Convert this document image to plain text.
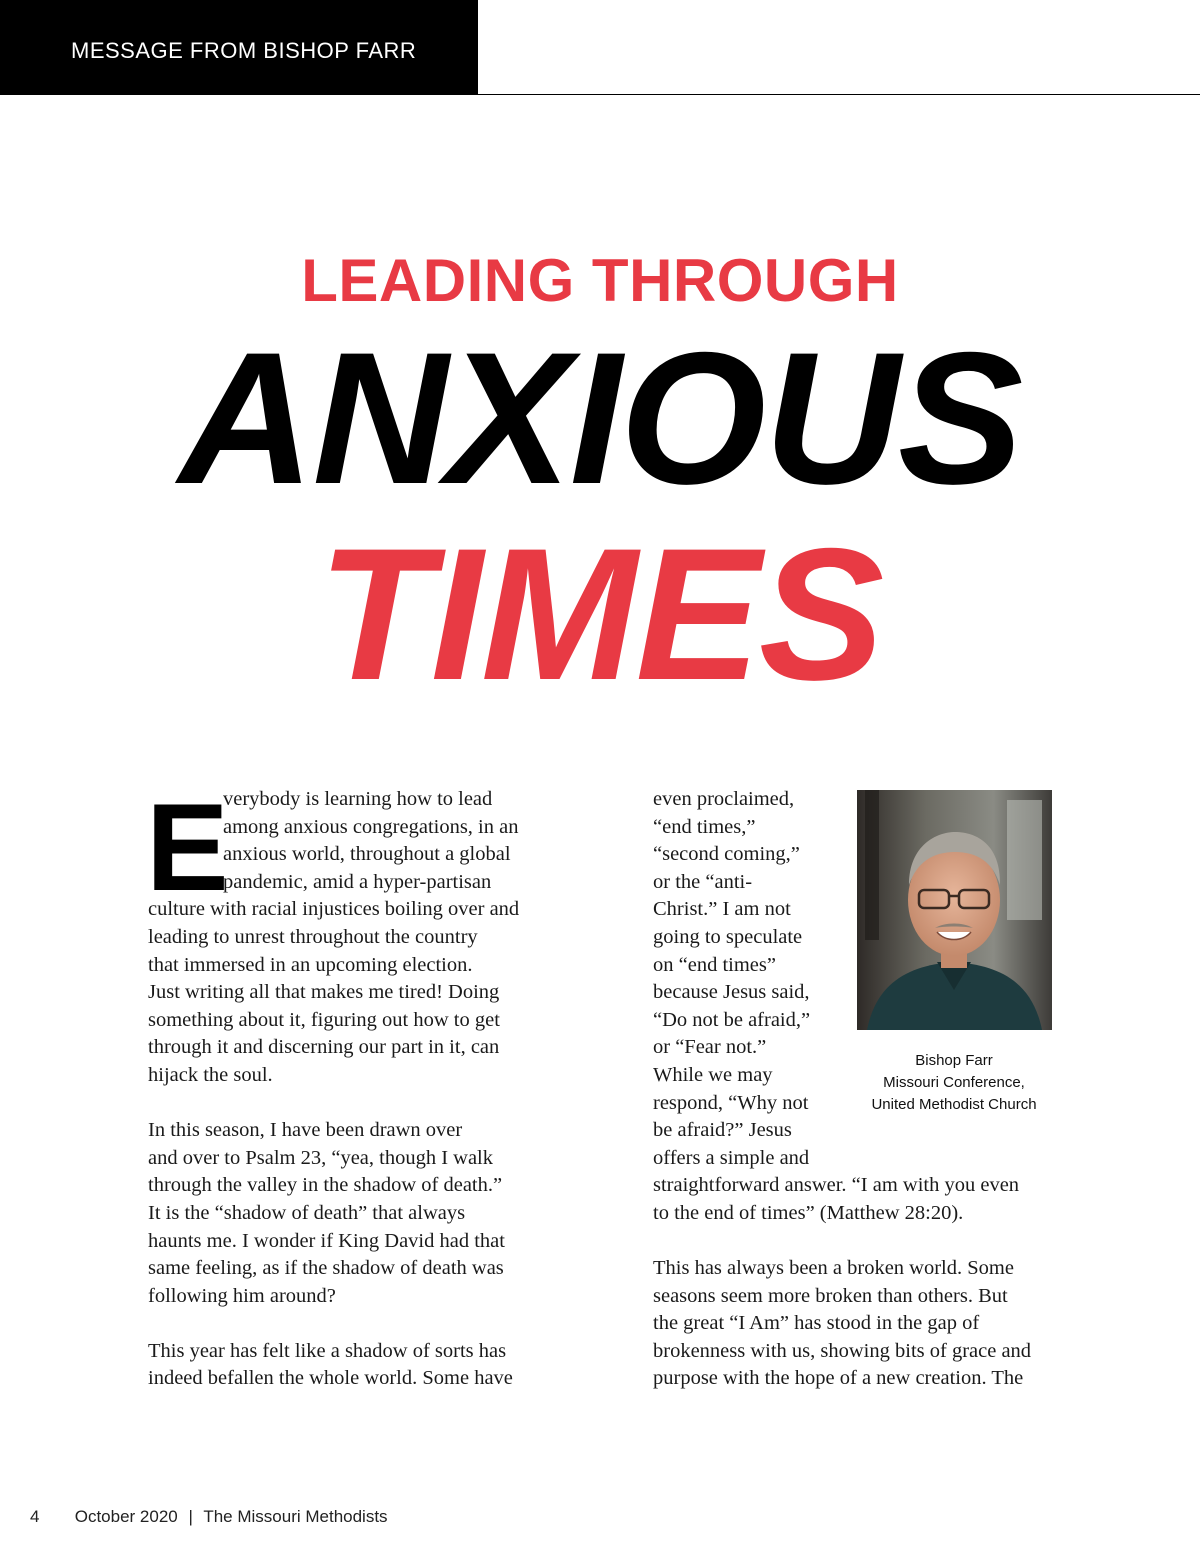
MESSAGE FROM BISHOP FARR
LEADING THROUGH
ANXIOUS
TIMES
E
verybody is learning how to lead
among anxious congregations, in an
anxious world, throughout a global
pandemic, amid a hyper-partisan
culture with racial injustices boiling over and
leading to unrest throughout the country
that immersed in an upcoming election.
Just writing all that makes me tired! Doing
something about it, figuring out how to get
through it and discerning our part in it, can
hijack the soul.
In this season, I have been drawn over
and over to Psalm 23, “yea, though I walk
through the valley in the shadow of death.”
It is the “shadow of death” that always
haunts me. I wonder if King David had that
same feeling, as if the shadow of death was
following him around?
This year has felt like a shadow of sorts has
indeed befallen the whole world. Some have
even proclaimed,
“end times,”
“second coming,”
or the “anti-
Christ.” I am not
going to speculate
on “end times”
because Jesus said,
“Do not be afraid,”
or “Fear not.”
While we may
respond, “Why not
be afraid?” Jesus
offers a simple and
straightforward answer. “I am with you even
to the end of times” (Matthew 28:20).
This has always been a broken world. Some
seasons seem more broken than others. But
the great “I Am” has stood in the gap of
brokenness with us, showing bits of grace and
purpose with the hope of a new creation. The
Bishop Farr
Missouri Conference,
United Methodist Church
4 October 2020 | The Missouri Methodists
